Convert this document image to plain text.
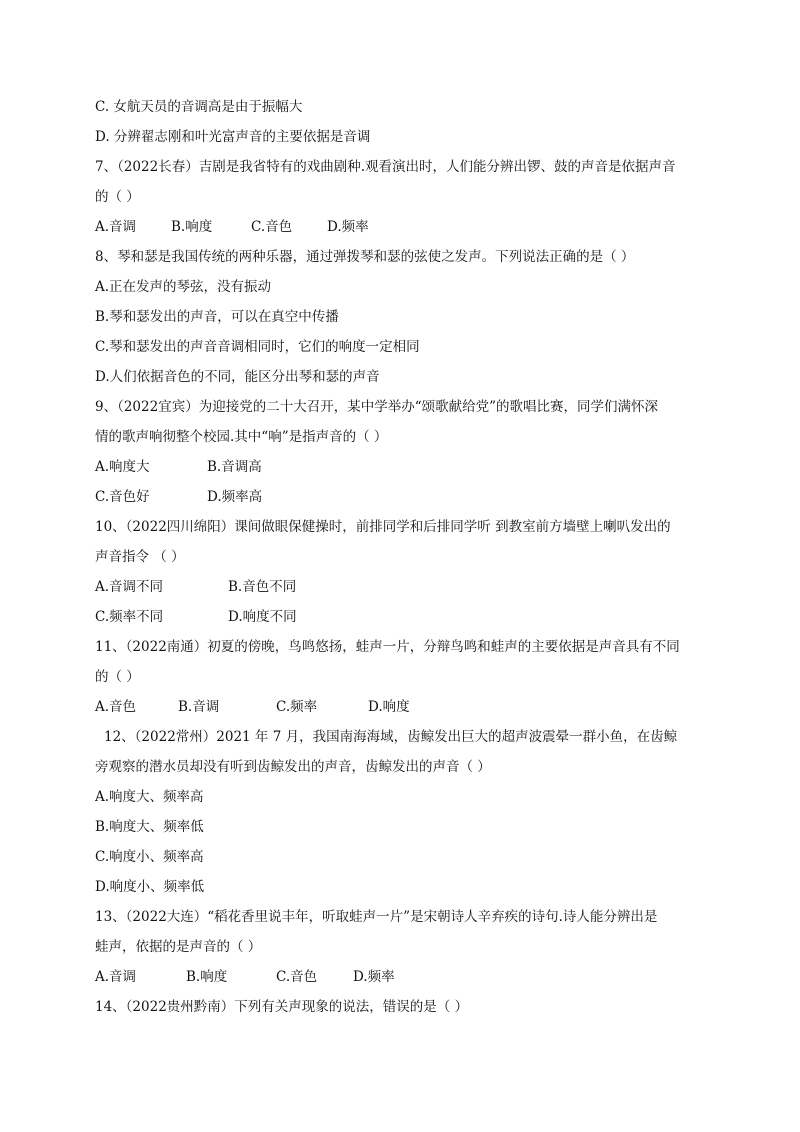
C. 女航天员的音调高是由于振幅大
D. 分辨翟志刚和叶光富声音的主要依据是音调
7、（2022长春）吉剧是我省特有的戏曲剧种.观看演出时，人们能分辨出锣、鼓的声音是依据声音
的（ ）
A.音调	B.响度	C.音色	D.频率
8、琴和瑟是我国传统的两种乐器，通过弹拨琴和瑟的弦使之发声。下列说法正确的是（ ）
A.正在发声的琴弦，没有振动
B.琴和瑟发出的声音，可以在真空中传播
C.琴和瑟发出的声音音调相同时，它们的响度一定相同
D.人们依据音色的不同，能区分出琴和瑟的声音
9、（2022宜宾）为迎接党的二十大召开，某中学举办“颂歌献给党”的歌唱比赛，同学们满怀深
情的歌声响彻整个校园.其中“响”是指声音的（ ）
A.响度大	B.音调高
C.音色好	D.频率高
10、（2022四川绵阳）课间做眼保健操时，前排同学和后排同学听 到教室前方墙壁上喇叭发出的
声音指令 （ ）
A.音调不同	B.音色不同
C.频率不同	D.响度不同
11、（2022南通）初夏的傍晚，鸟鸣悠扬，蛙声一片，分辩鸟鸣和蛙声的主要依据是声音具有不同
的（ ）
A.音色	B.音调	C.频率	D.响度
12、（2022常州）2021 年 7 月，我国南海海域，齿鲸发出巨大的超声波震晕一群小鱼，在齿鲸
旁观察的潜水员却没有听到齿鲸发出的声音，齿鲸发出的声音（ ）
A.响度大、频率高
B.响度大、频率低
C.响度小、频率高
D.响度小、频率低
13、（2022大连）“稻花香里说丰年，听取蛙声一片”是宋朝诗人辛弃疾的诗句.诗人能分辨出是
蛙声，依据的是声音的（ ）
A.音调	B.响度	C.音色	D.频率
14、（2022贵州黔南）下列有关声现象的说法，错误的是（ ）
